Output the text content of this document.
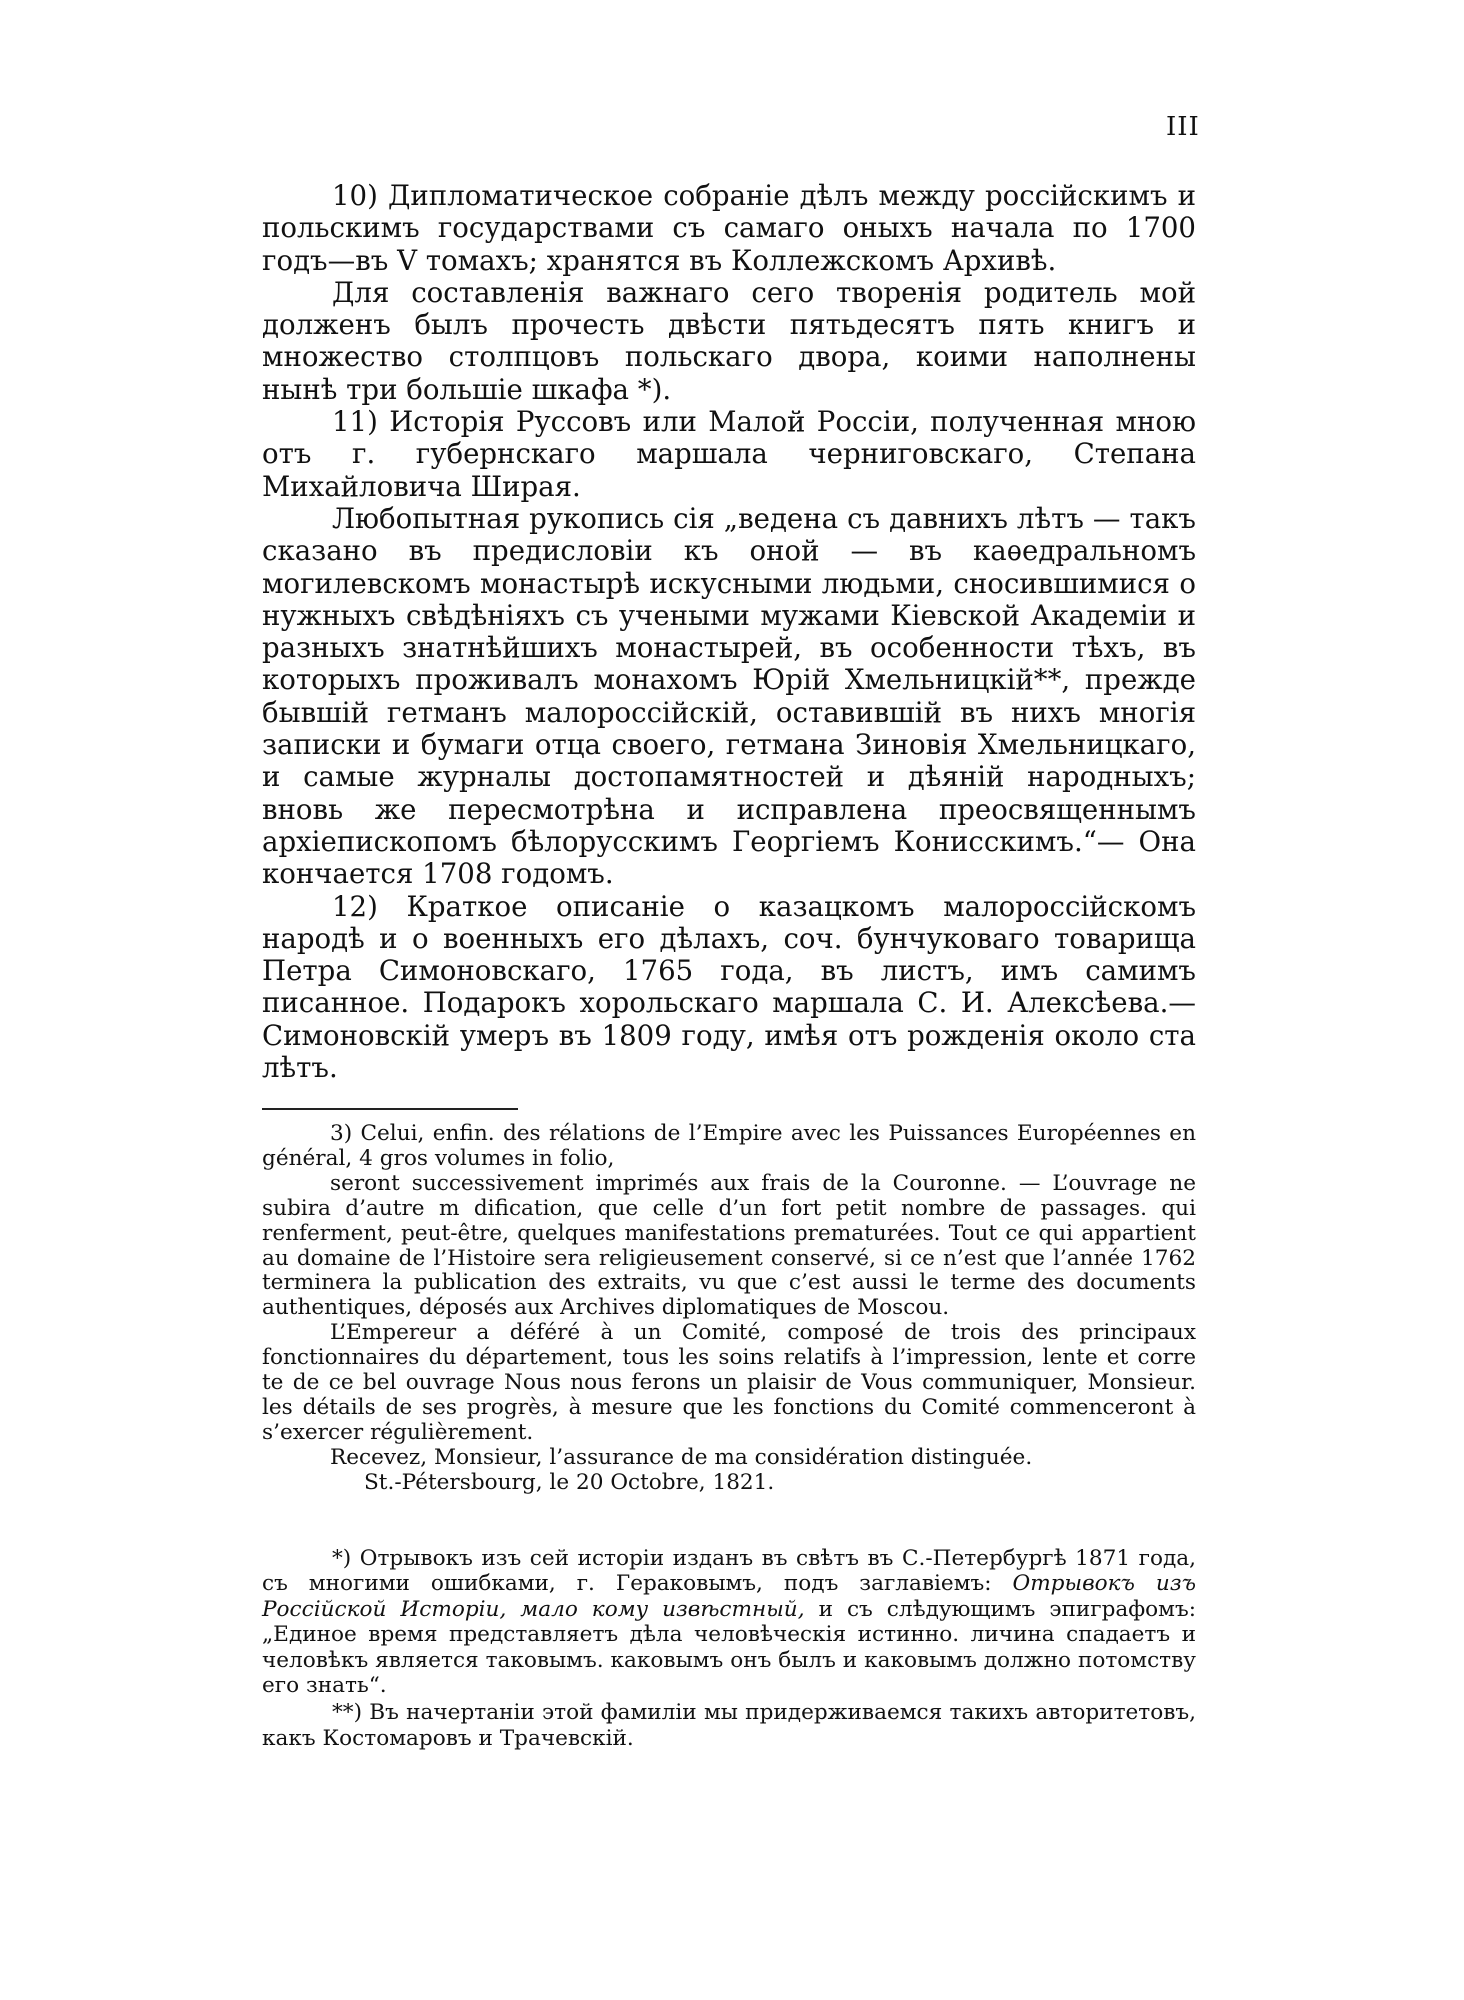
III

10) Дипломатическое собраніе дѣлъ между россійскимъ и польскимъ государствами съ самаго оныхъ начала по 1700 годъ—въ V томахъ; хранятся въ Коллежскомъ Архивѣ.

Для составленія важнаго сего творенія родитель мой долженъ былъ прочесть двѣсти пятьдесятъ пять книгъ и множество столпцовъ польскаго двора, коими наполнены нынѣ три большіе шкафа *).

11) Исторія Руссовъ или Малой Россіи, полученная мною отъ г. губернскаго маршала черниговскаго, Степана Михайловича Ширая.

Любопытная рукопись сія „ведена съ давнихъ лѣтъ — такъ сказано въ предисловіи къ оной — въ каѳедральномъ могилевскомъ монастырѣ искусными людьми, сносившимися о нужныхъ свѣдѣніяхъ съ учеными мужами Кіевской Академіи и разныхъ знатнѣйшихъ монастырей, въ особенности тѣхъ, въ которыхъ проживалъ монахомъ Юрій Хмельницкій**, прежде бывшій гетманъ малороссійскій, оставившій въ нихъ многія записки и бумаги отца своего, гетмана Зиновія Хмельницкаго, и самые журналы достопамятностей и дѣяній народныхъ; вновь же пересмотрѣна и исправлена преосвященнымъ архіепископомъ бѣлорусскимъ Георгіемъ Конисскимъ.“— Она кончается 1708 годомъ.

12) Краткое описаніе о казацкомъ малороссійскомъ народѣ и о военныхъ его дѣлахъ, соч. бунчуковаго товарища Петра Симоновскаго, 1765 года, въ листъ, имъ самимъ писанное. Подарокъ хорольскаго маршала С. И. Алексѣева.— Симоновскій умеръ въ 1809 году, имѣя отъ рожденія около ста лѣтъ.

3) Celui, enfin. des rélations de l’Empire avec les Puissances Européennes en général, 4 gros volumes in folio,

seront successivement imprimés aux frais de la Couronne. — L’ouvrage ne subira d’autre m dification, que celle d’un fort petit nombre de passages. qui renferment, peut-être, quelques manifestations prematurées. Tout ce qui appartient au domaine de l’Histoire sera religieusement conservé, si ce n’est que l’année 1762 terminera la publication des extraits, vu que c’est aussi le terme des documents authentiques, déposés aux Archives diplomatiques de Moscou.

L’Empereur a déféré à un Comité, composé de trois des principaux fonctionnaires du département, tous les soins relatifs à l’impression, lente et corre te de ce bel ouvrage Nous nous ferons un plaisir de Vous communiquer, Monsieur. les détails de ses progrès, à mesure que les fonctions du Comité commenceront à s’exercer régulièrement.

Recevez, Monsieur, l’assurance de ma considération distinguée.

St.-Pétersbourg, le 20 Octobre, 1821.

*) Отрывокъ изъ сей исторіи изданъ въ свѣтъ въ С.-Петербургѣ 1871 года, съ многими ошибками, г. Гераковымъ, подъ заглавіемъ: Отрывокъ изъ Россійской Исторіи, мало кому извѣстный, и съ слѣдующимъ эпиграфомъ: „Единое время представляетъ дѣла человѣческія истинно. личина спадаетъ и человѣкъ является таковымъ. каковымъ онъ былъ и каковымъ должно потомству его знать“.

**) Въ начертаніи этой фамиліи мы придерживаемся такихъ авторитетовъ, какъ Костомаровъ и Трачевскій.
